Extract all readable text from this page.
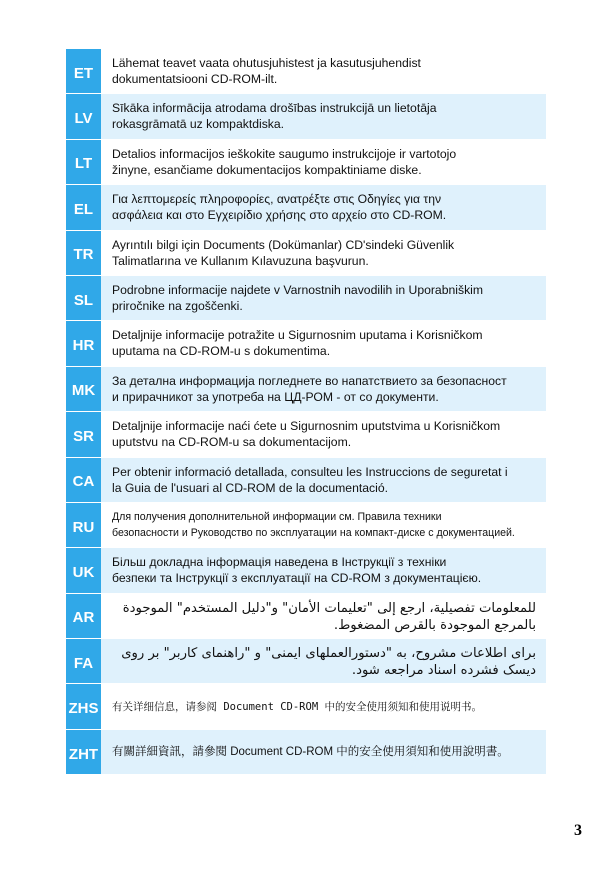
ET
Lähemat teavet vaata ohutusjuhistest ja kasutusjuhendist
dokumentatsiooni CD-ROM-ilt.
LV
Sīkāka informācija atrodama drošības instrukcijā un lietotāja
rokasgrāmatā uz kompaktdiska.
LT
Detalios informacijos ieškokite saugumo instrukcijoje ir vartotojo
žinyne, esančiame dokumentacijos kompaktiniame diske.
EL
Για λεπτομερείς πληροφορίες, ανατρέξτε στις Οδηγίες για την
ασφάλεια και στο Εγχειρίδιο χρήσης στο αρχείο στο CD-ROM.
TR
Ayrıntılı bilgi için Documents (Dokümanlar) CD'sindeki Güvenlik
Talimatlarına ve Kullanım Kılavuzuna başvurun.
SL
Podrobne informacije najdete v Varnostnih navodilih in Uporabniškim
priročnike na zgoščenki.
HR
Detaljnije informacije potražite u Sigurnosnim uputama i Korisničkom
uputama na CD-ROM-u s dokumentima.
MK
За детална информација погледнете во напатствието за безопасност
и прирачникот за употреба на ЦД-РОМ - от со документи.
SR
Detaljnije informacije naći ćete u Sigurnosnim uputstvima u Korisničkom
uputstvu na CD-ROM-u sa dokumentacijom.
CA
Per obtenir informació detallada, consulteu les Instruccions de seguretat i
la Guia de l'usuari al CD-ROM de la documentació.
RU
Для получения дополнительной информации см. Правила техники
безопасности и Руководство по эксплуатации на компакт-диске с документацией.
UK
Більш докладна інформація наведена в Інструкції з техніки
безпеки та Інструкції з експлуатації на CD-ROM з документацією.
AR
للمعلومات تفصيلية، ارجع إلى "تعليمات الأمان" و"دليل المستخدم" الموجودة
بالمرجع الموجودة بالقرص المضغوط.
FA
برای اطلاعات مشروح، به "دستورالعملهای ایمنی" و "راهنمای کاربر" بر روی
دیسک فشرده اسناد مراجعه شود.
ZHS	有关详细信息，请参阅 Document CD-ROM 中的安全使用须知和使用说明书。
ZHT	有關詳細資訊，請參閱 Document CD-ROM 中的安全使用須知和使用說明書。
3
